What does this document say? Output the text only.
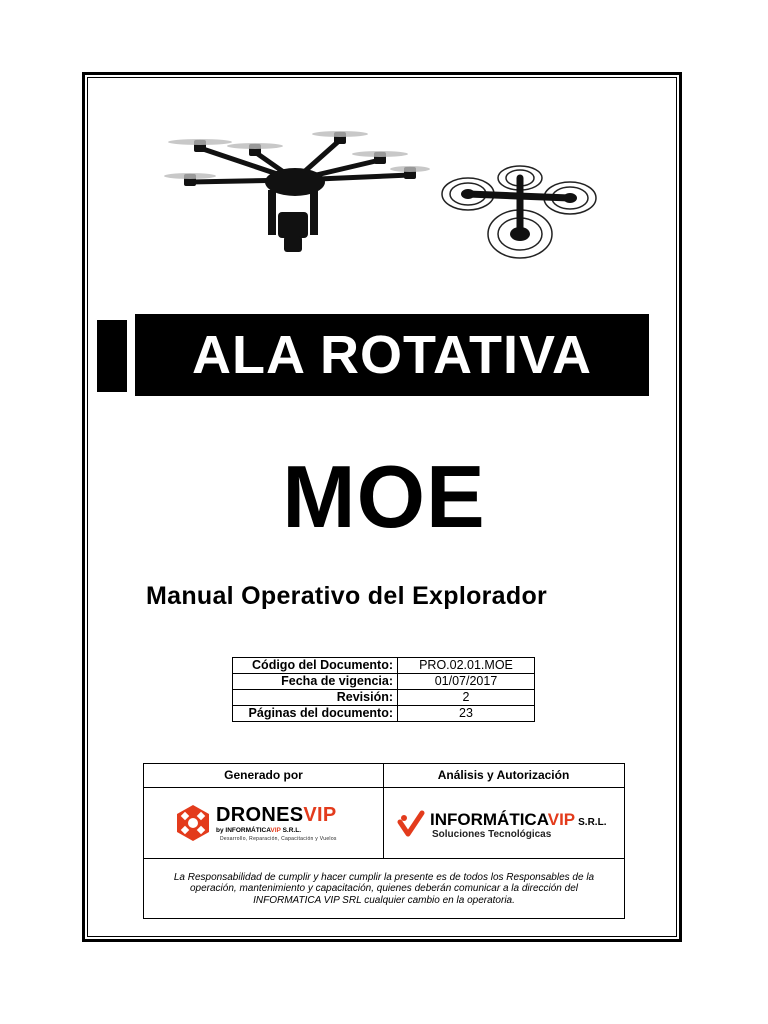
ALA ROTATIVA
MOE
Manual Operativo del Explorador
Código del Documento:	PRO.02.01.MOE
Fecha de vigencia:	01/07/2017
Revisión:	2
Páginas del documento:	23
Generado por	Análisis y Autorización
DRONESVIP
by INFORMÁTICAVIP S.R.L.
Desarrollo, Reparación, Capacitación y Vuelos
INFORMÁTICAVIP S.R.L.
Soluciones Tecnológicas
La Responsabilidad de cumplir y hacer cumplir la presente es de todos los Responsables de la operación, mantenimiento y capacitación, quienes deberán comunicar a la dirección del INFORMATICA VIP SRL cualquier cambio en la operatoria.
